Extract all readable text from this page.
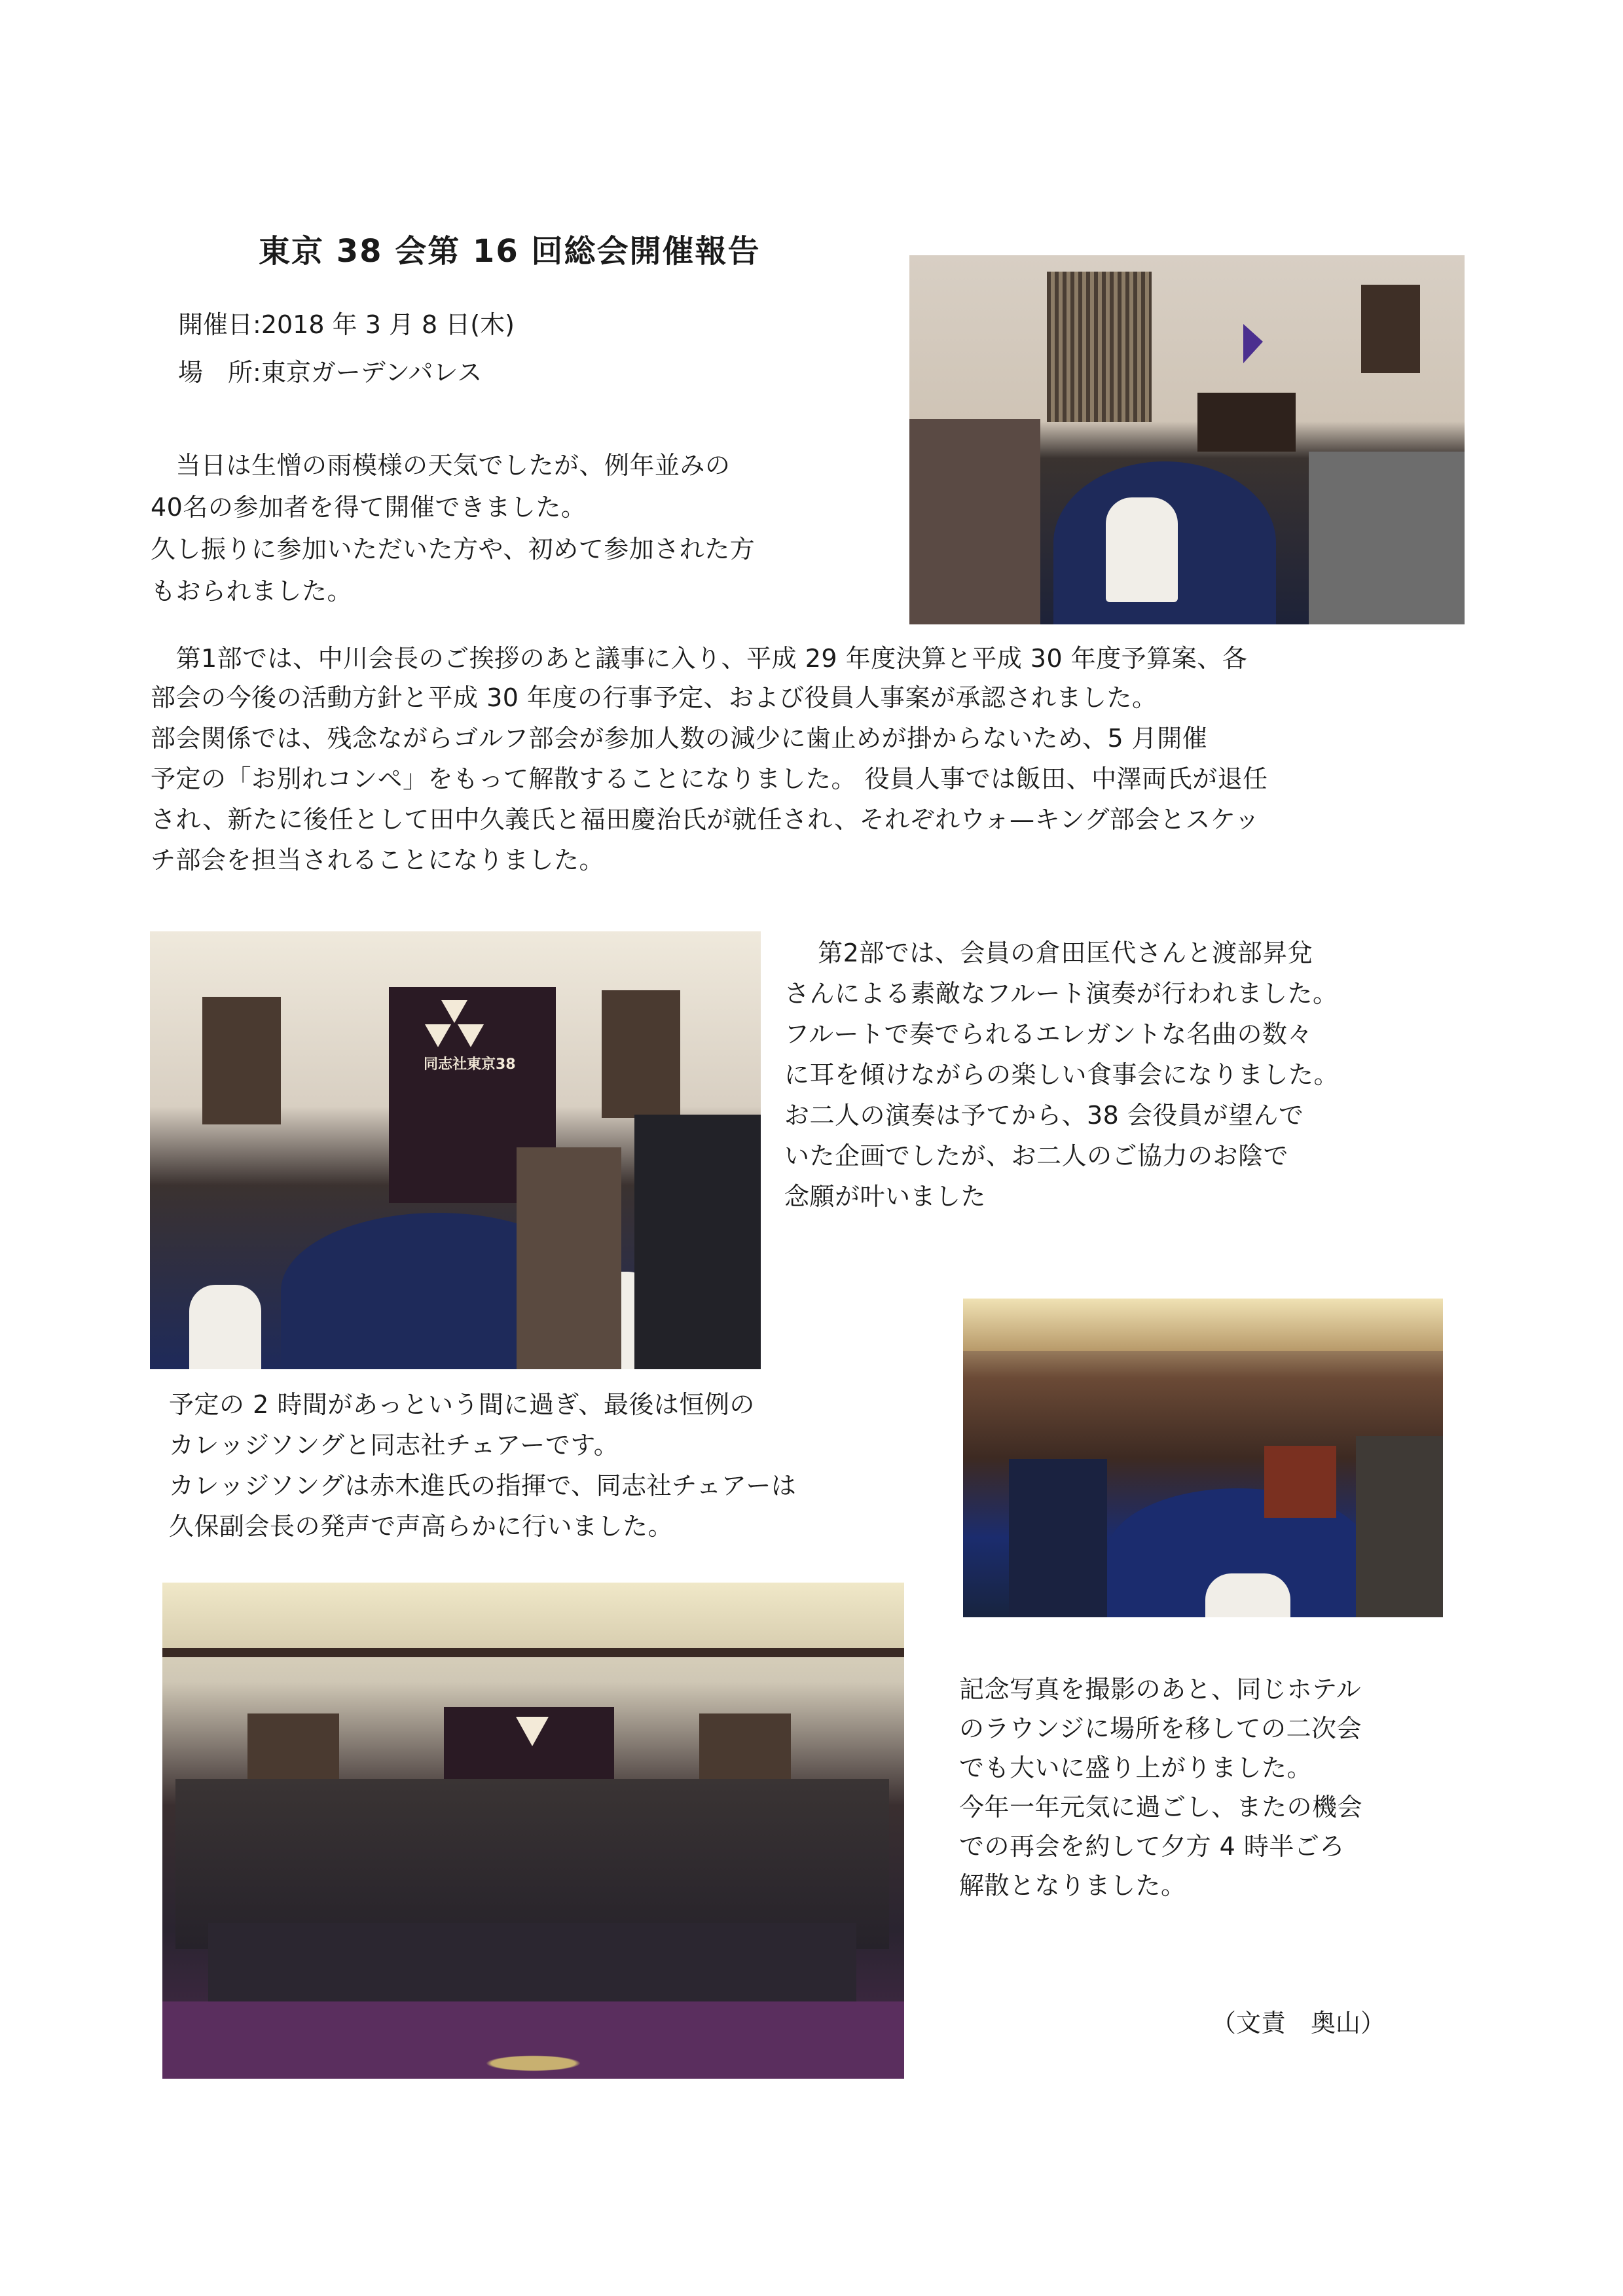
東京 38 会第 16 回総会開催報告
開催日:2018 年 3 月 8 日(木)
場　所:東京ガーデンパレス
　当日は生憎の雨模様の天気でしたが、例年並みの
40名の参加者を得て開催できました。
久し振りに参加いただいた方や、初めて参加された方
もおられました。
　第1部では、中川会長のご挨拶のあと議事に入り、平成 29 年度決算と平成 30 年度予算案、各
部会の今後の活動方針と平成 30 年度の行事予定、および役員人事案が承認されました。
部会関係では、残念ながらゴルフ部会が参加人数の減少に歯止めが掛からないため、5 月開催
予定の「お別れコンペ」をもって解散することになりました。 役員人事では飯田、中澤両氏が退任
され、新たに後任として田中久義氏と福田慶治氏が就任され、それぞれウォ—キング部会とスケッ
チ部会を担当されることになりました。
同志社東京38
　 第2部では、会員の倉田匡代さんと渡部昇兌
さんによる素敵なフルート演奏が行われました。
フルートで奏でられるエレガントな名曲の数々
に耳を傾けながらの楽しい食事会になりました。
お二人の演奏は予てから、38 会役員が望んで
いた企画でしたが、お二人のご協力のお陰で
念願が叶いました
予定の 2 時間があっという間に過ぎ、最後は恒例の
カレッジソングと同志社チェアーです。
カレッジソングは赤木進氏の指揮で、同志社チェアーは
久保副会長の発声で声高らかに行いました。
記念写真を撮影のあと、同じホテル
のラウンジに場所を移しての二次会
でも大いに盛り上がりました。
今年一年元気に過ごし、またの機会
での再会を約して夕方 4 時半ごろ
解散となりました。
（文責　奥山）
